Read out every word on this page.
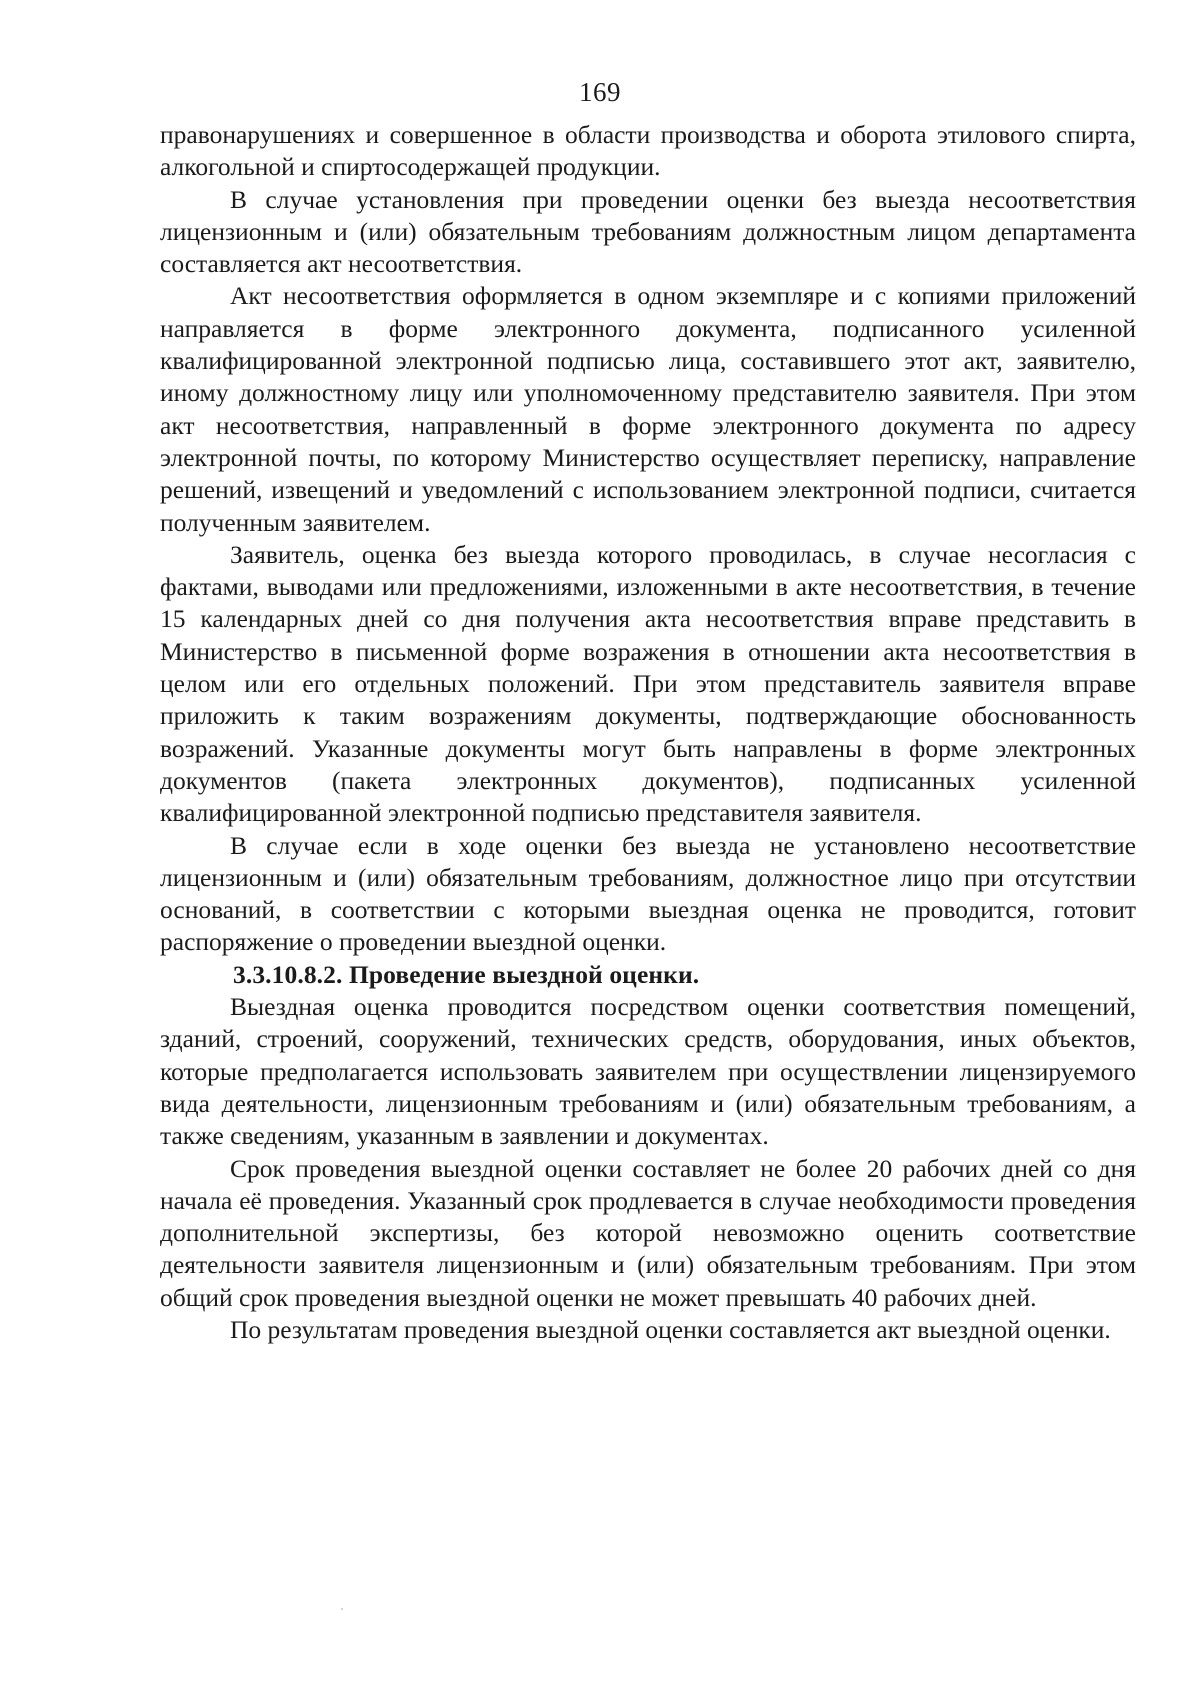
169

правонарушениях и совершенное в области производства и оборота этилового спирта, алкогольной и спиртосодержащей продукции.

В случае установления при проведении оценки без выезда несоответствия лицензионным и (или) обязательным требованиям должностным лицом департамента составляется акт несоответствия.

Акт несоответствия оформляется в одном экземпляре и с копиями приложений направляется в форме электронного документа, подписанного усиленной квалифицированной электронной подписью лица, составившего этот акт, заявителю, иному должностному лицу или уполномоченному представителю заявителя. При этом акт несоответствия, направленный в форме электронного документа по адресу электронной почты, по которому Министерство осуществляет переписку, направление решений, извещений и уведомлений с использованием электронной подписи, считается полученным заявителем.

Заявитель, оценка без выезда которого проводилась, в случае несогласия с фактами, выводами или предложениями, изложенными в акте несоответствия, в течение 15 календарных дней со дня получения акта несоответствия вправе представить в Министерство в письменной форме возражения в отношении акта несоответствия в целом или его отдельных положений. При этом представитель заявителя вправе приложить к таким возражениям документы, подтверждающие обоснованность возражений. Указанные документы могут быть направлены в форме электронных документов (пакета электронных документов), подписанных усиленной квалифицированной электронной подписью представителя заявителя.

В случае если в ходе оценки без выезда не установлено несоответствие лицензионным и (или) обязательным требованиям, должностное лицо при отсутствии оснований, в соответствии с которыми выездная оценка не проводится, готовит распоряжение о проведении выездной оценки.

3.3.10.8.2. Проведение выездной оценки.

Выездная оценка проводится посредством оценки соответствия помещений, зданий, строений, сооружений, технических средств, оборудования, иных объектов, которые предполагается использовать заявителем при осуществлении лицензируемого вида деятельности, лицензионным требованиям и (или) обязательным требованиям, а также сведениям, указанным в заявлении и документах.

Срок проведения выездной оценки составляет не более 20 рабочих дней со дня начала её проведения. Указанный срок продлевается в случае необходимости проведения дополнительной экспертизы, без которой невозможно оценить соответствие деятельности заявителя лицензионным и (или) обязательным требованиям. При этом общий срок проведения выездной оценки не может превышать 40 рабочих дней.

По результатам проведения выездной оценки составляется акт выездной оценки.
